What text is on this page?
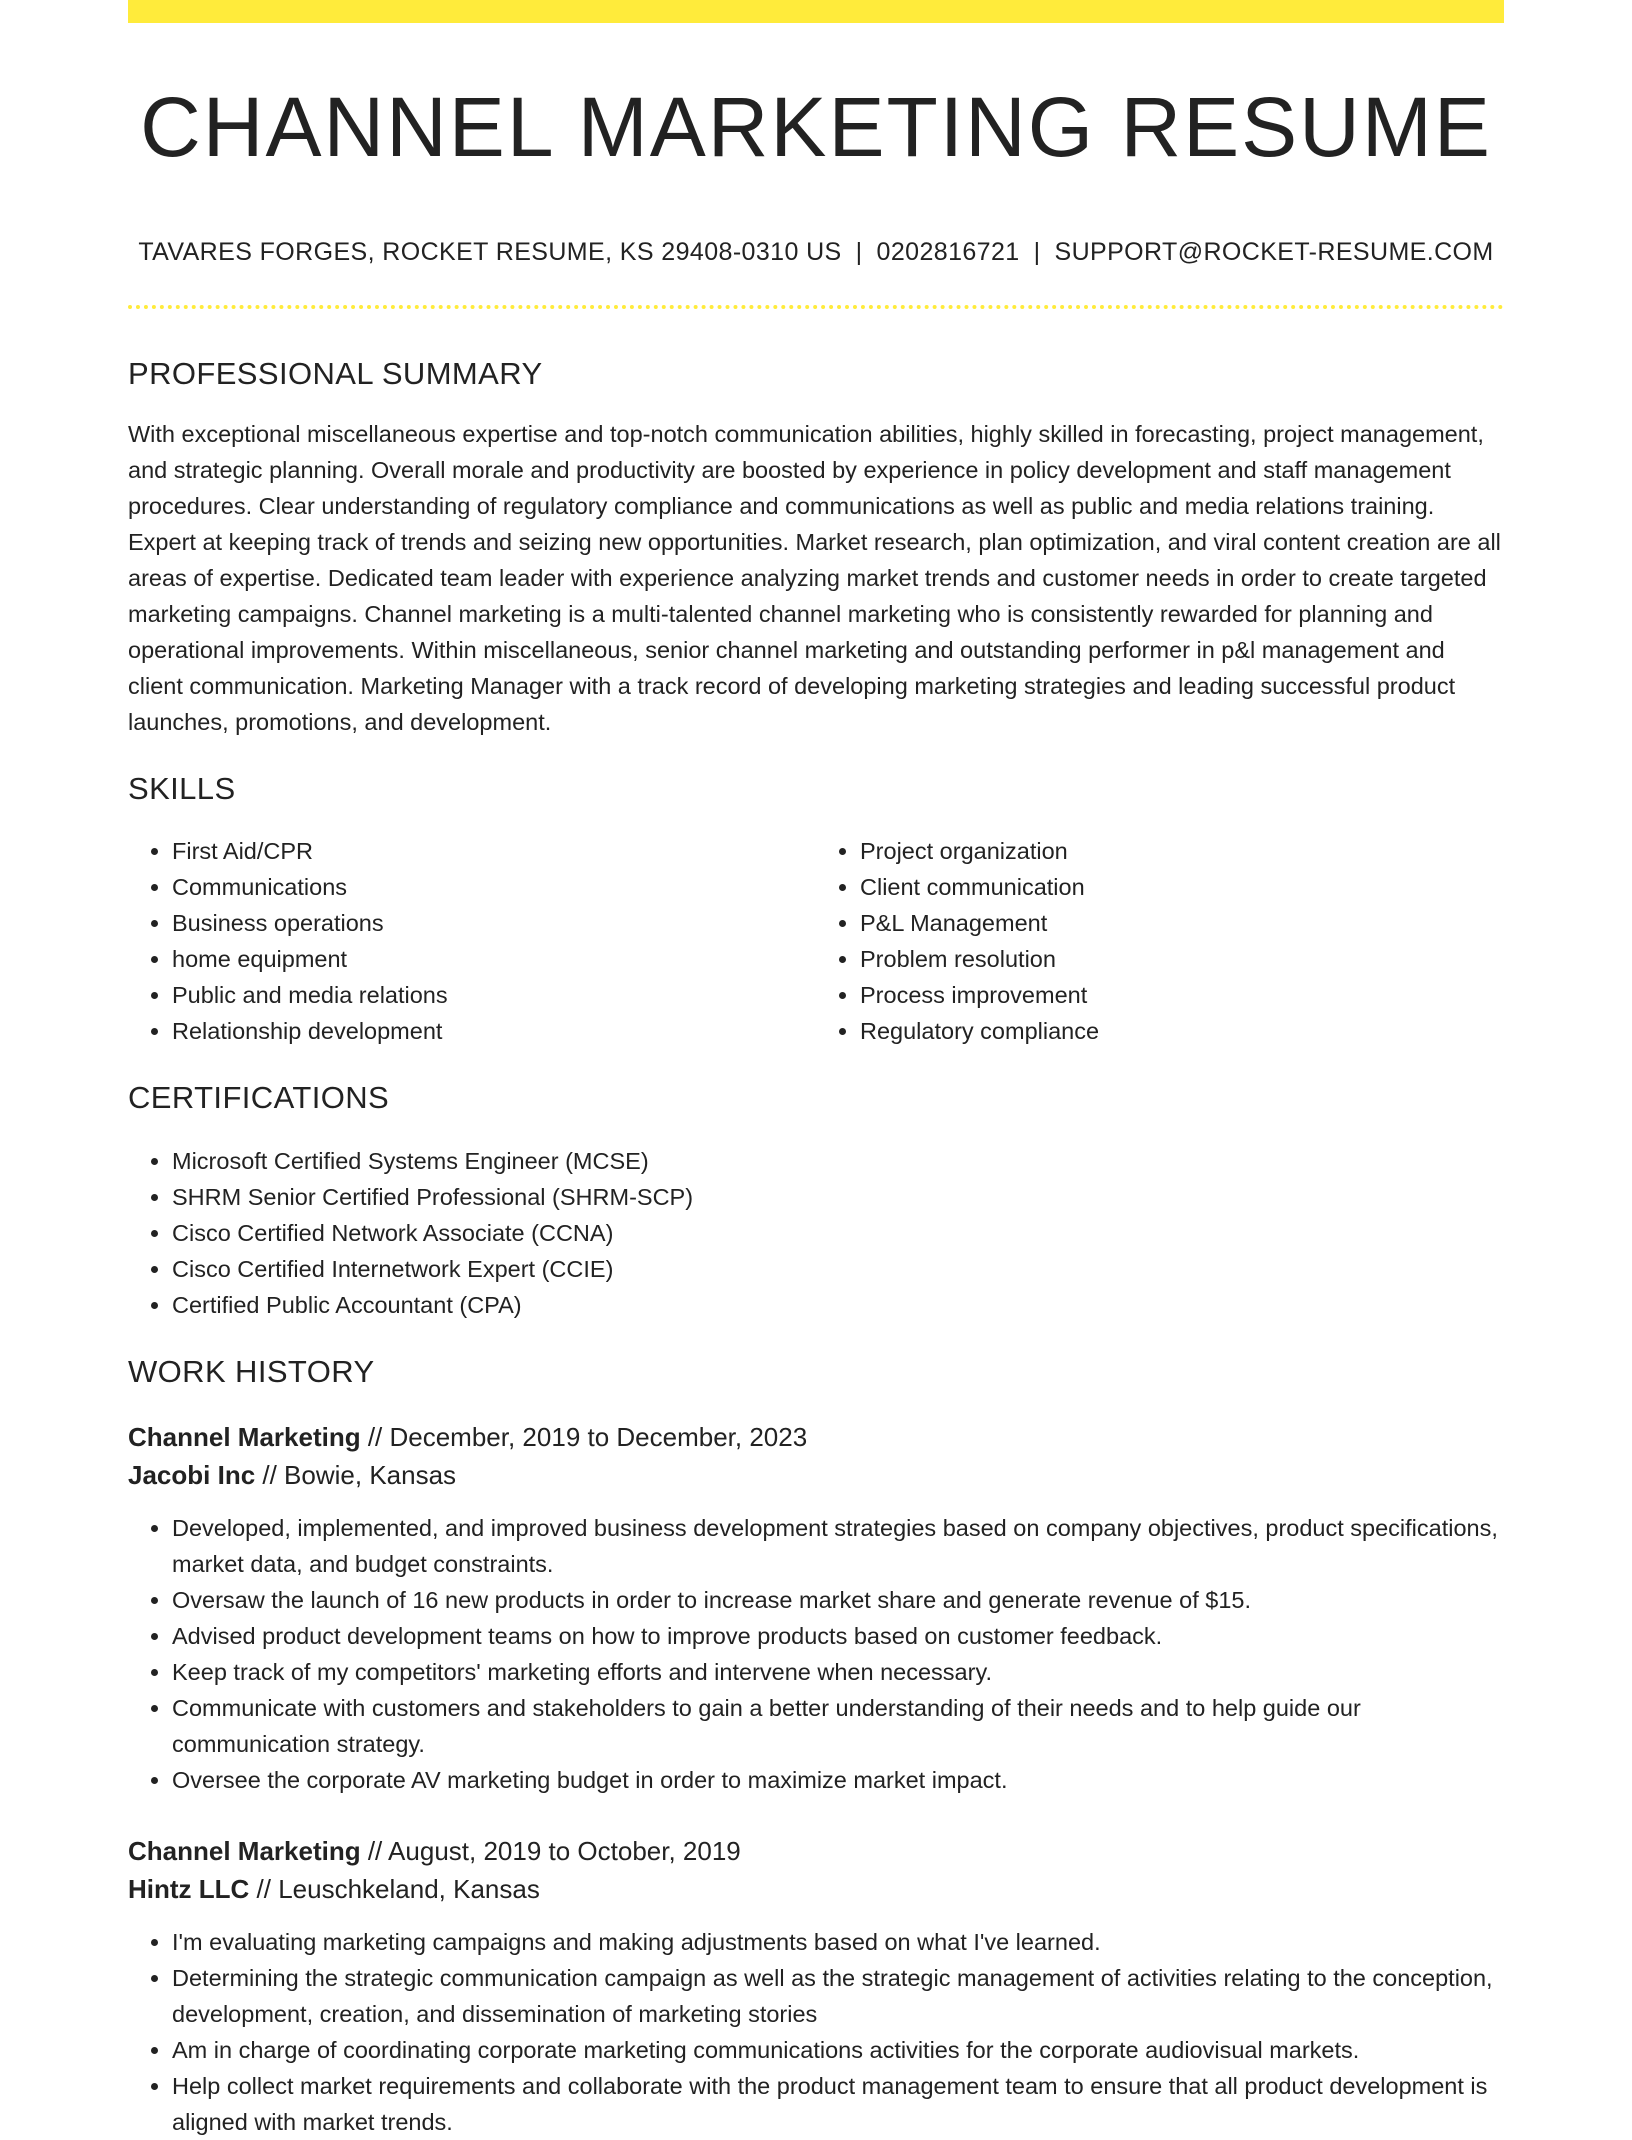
CHANNEL MARKETING RESUME
TAVARES FORGES, ROCKET RESUME, KS 29408-0310 US | 0202816721 | SUPPORT@ROCKET-RESUME.COM
PROFESSIONAL SUMMARY

With exceptional miscellaneous expertise and top-notch communication abilities, highly skilled in forecasting, project management, and strategic planning. Overall morale and productivity are boosted by experience in policy development and staff management procedures. Clear understanding of regulatory compliance and communications as well as public and media relations training. Expert at keeping track of trends and seizing new opportunities. Market research, plan optimization, and viral content creation are all areas of expertise. Dedicated team leader with experience analyzing market trends and customer needs in order to create targeted marketing campaigns. Channel marketing is a multi-talented channel marketing who is consistently rewarded for planning and operational improvements. Within miscellaneous, senior channel marketing and outstanding performer in p&l management and client communication. Marketing Manager with a track record of developing marketing strategies and leading successful product launches, promotions, and development.

SKILLS
• First Aid/CPR
• Communications
• Business operations
• home equipment
• Public and media relations
• Relationship development
• Project organization
• Client communication
• P&L Management
• Problem resolution
• Process improvement
• Regulatory compliance
CERTIFICATIONS
• Microsoft Certified Systems Engineer (MCSE)
• SHRM Senior Certified Professional (SHRM-SCP)
• Cisco Certified Network Associate (CCNA)
• Cisco Certified Internetwork Expert (CCIE)
• Certified Public Accountant (CPA)
WORK HISTORY
Channel Marketing // December, 2019 to December, 2023
Jacobi Inc // Bowie, Kansas
• Developed, implemented, and improved business development strategies based on company objectives, product specifications, market data, and budget constraints.
• Oversaw the launch of 16 new products in order to increase market share and generate revenue of $15.
• Advised product development teams on how to improve products based on customer feedback.
• Keep track of my competitors' marketing efforts and intervene when necessary.
• Communicate with customers and stakeholders to gain a better understanding of their needs and to help guide our communication strategy.
• Oversee the corporate AV marketing budget in order to maximize market impact.
Channel Marketing // August, 2019 to October, 2019
Hintz LLC // Leuschkeland, Kansas
• I'm evaluating marketing campaigns and making adjustments based on what I've learned.
• Determining the strategic communication campaign as well as the strategic management of activities relating to the conception, development, creation, and dissemination of marketing stories
• Am in charge of coordinating corporate marketing communications activities for the corporate audiovisual markets.
• Help collect market requirements and collaborate with the product management team to ensure that all product development is aligned with market trends.
